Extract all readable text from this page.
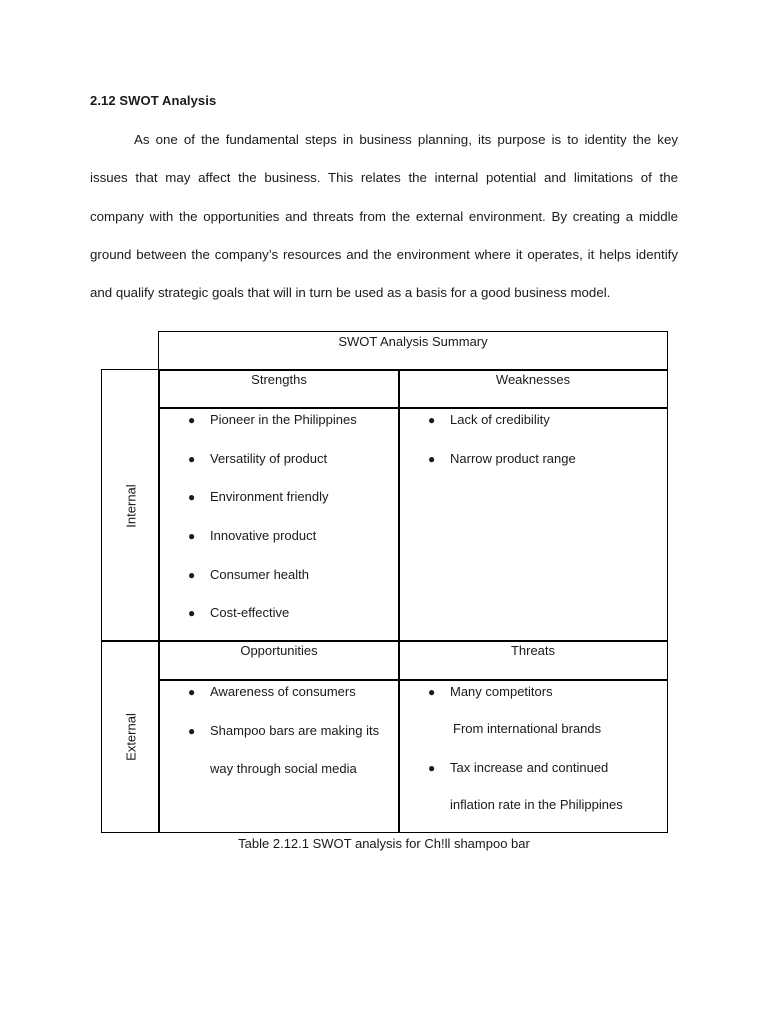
2.12 SWOT Analysis

As one of the fundamental steps in business planning, its purpose is to identity the key issues that may affect the business. This relates the internal potential and limitations of the company with the opportunities and threats from the external environment. By creating a middle ground between the company’s resources and the environment where it operates, it helps identify and qualify strategic goals that will in turn be used as a basis for a good business model.

SWOT Analysis Summary
Internal
Strengths	Weaknesses
● Pioneer in the Philippines
● Versatility of product
● Environment friendly
● Innovative product
● Consumer health
● Cost-effective
● Lack of credibility
● Narrow product range
External
Opportunities	Threats
● Awareness of consumers
● Shampoo bars are making its
way through social media
● Many competitors
From international brands
● Tax increase and continued
inflation rate in the Philippines
Table 2.12.1 SWOT analysis for Ch!ll shampoo bar
